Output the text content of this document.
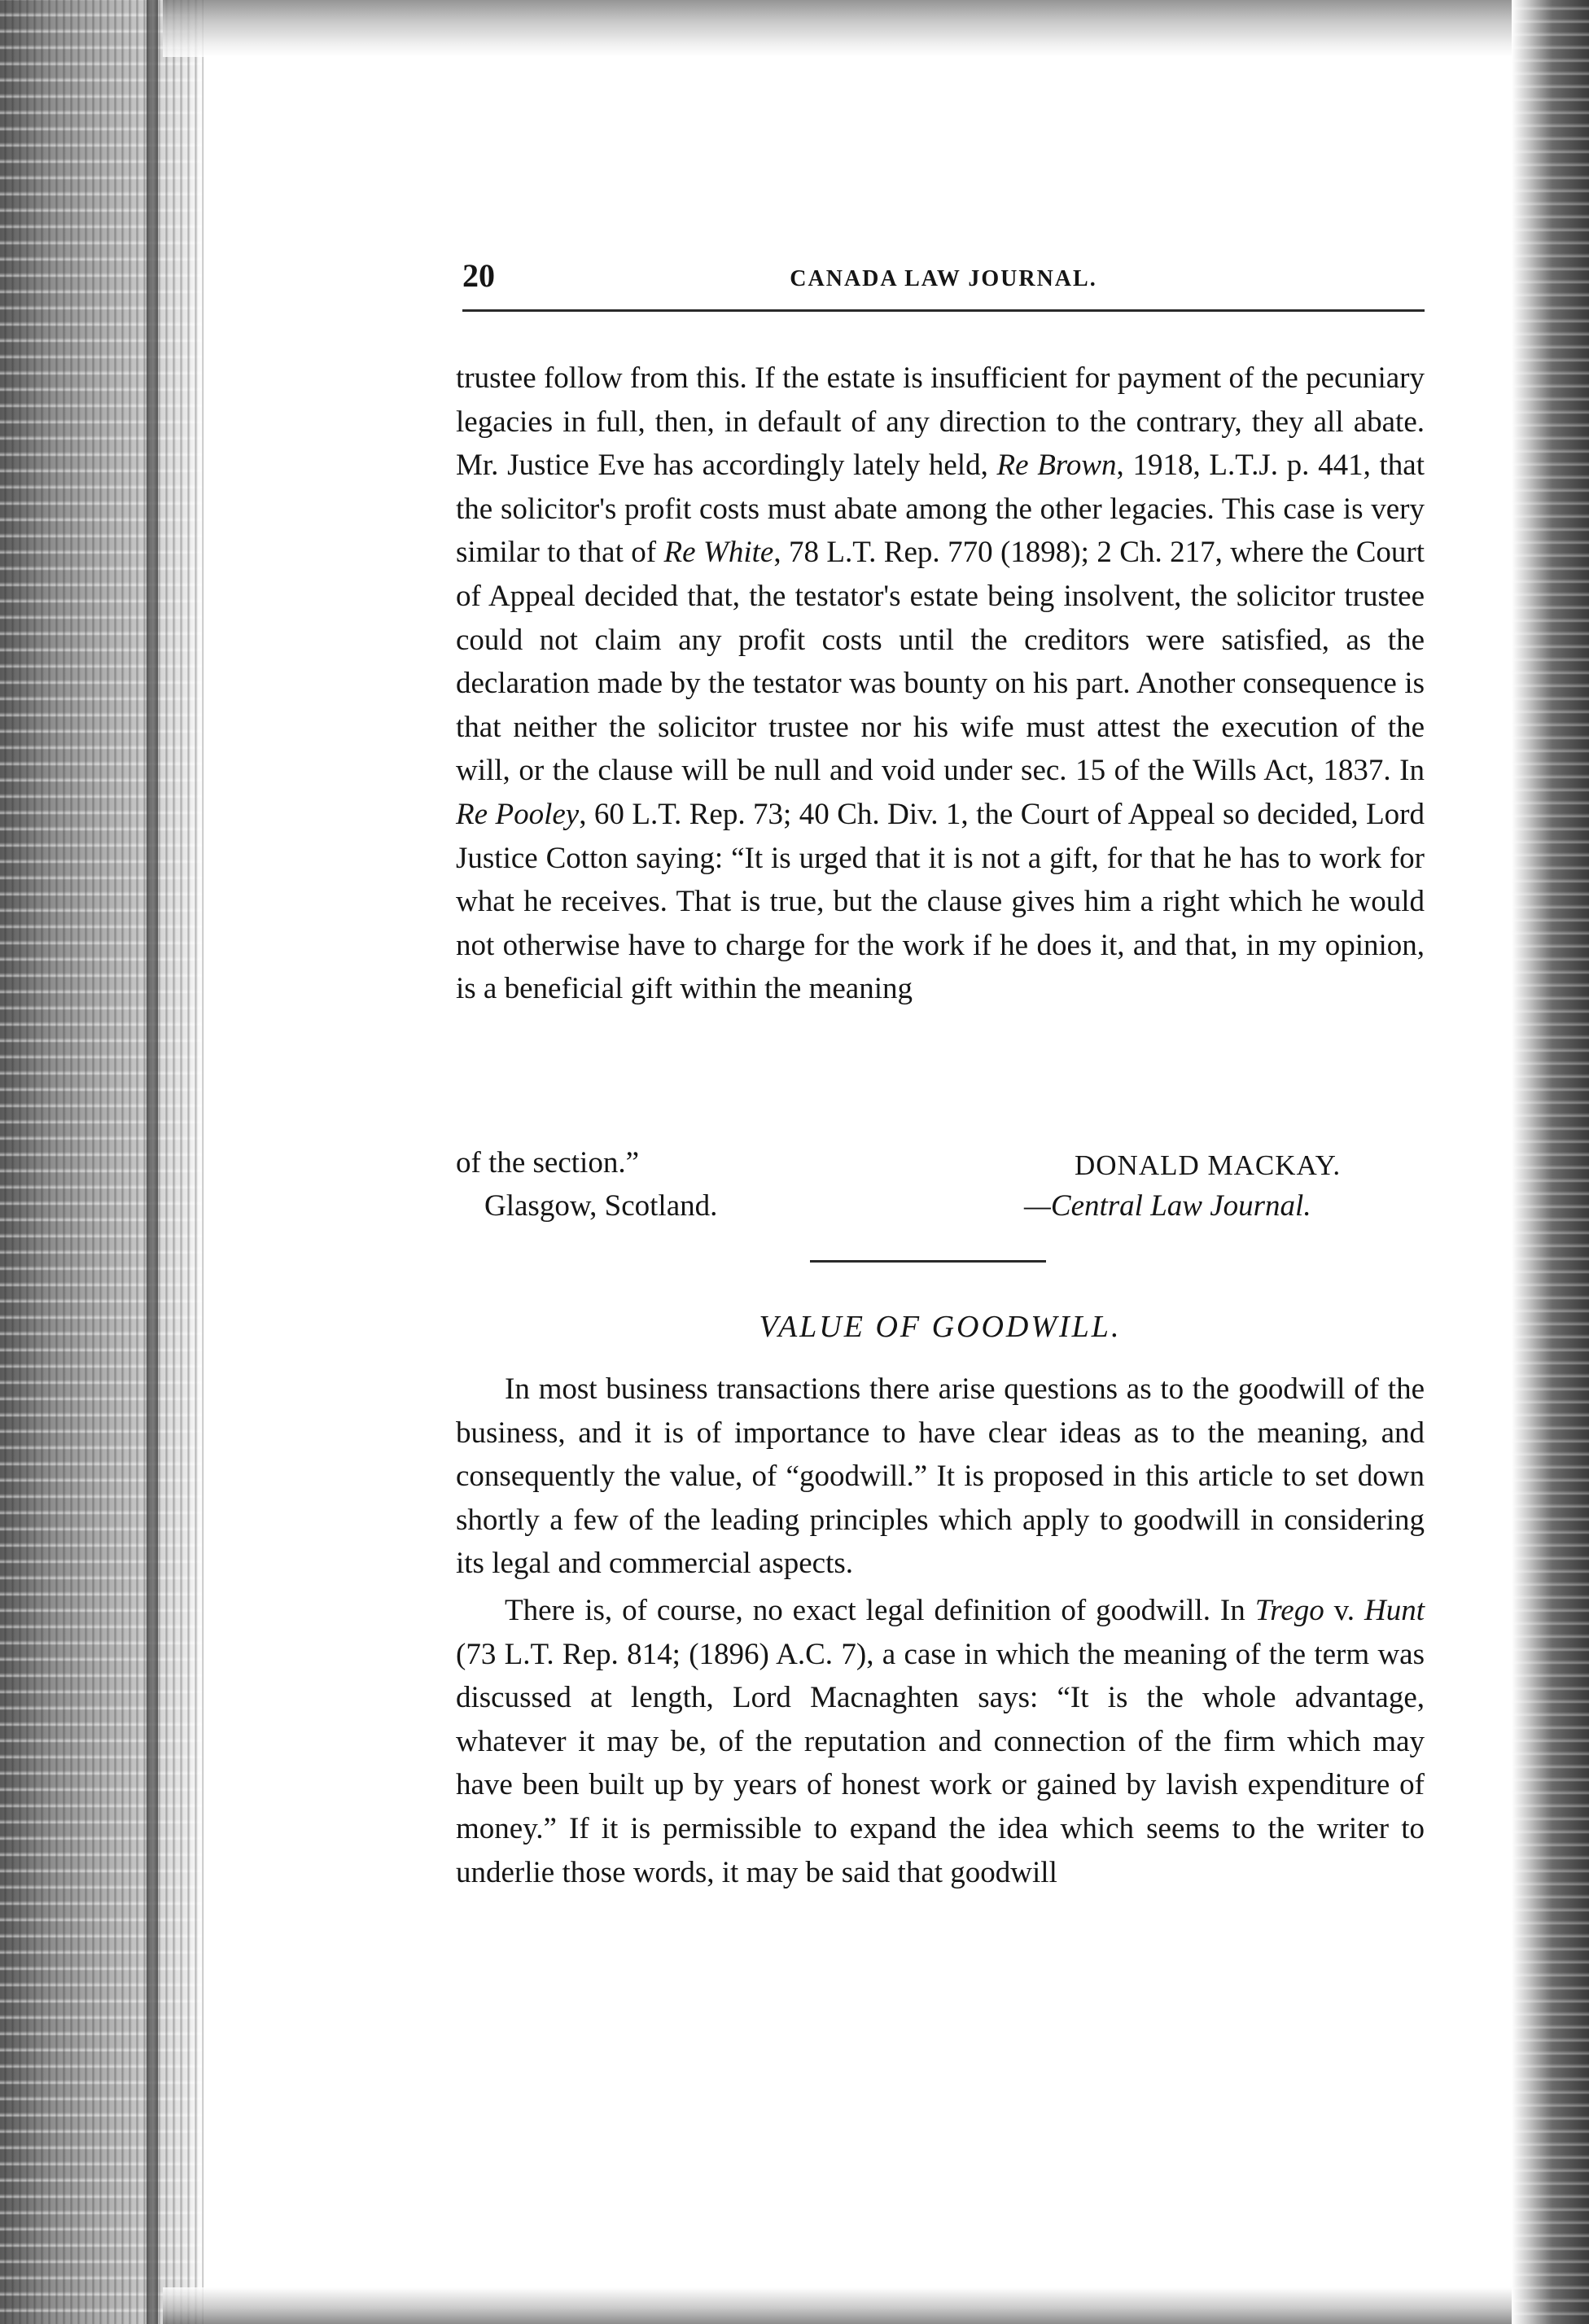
20	CANADA LAW JOURNAL.

trustee follow from this. If the estate is insufficient for payment of the pecuniary legacies in full, then, in default of any direction to the contrary, they all abate. Mr. Justice Eve has accordingly lately held, Re Brown, 1918, L.T.J. p. 441, that the solicitor's profit costs must abate among the other legacies. This case is very similar to that of Re White, 78 L.T. Rep. 770 (1898); 2 Ch. 217, where the Court of Appeal decided that, the testator's estate being insolvent, the solicitor trustee could not claim any profit costs until the creditors were satisfied, as the declaration made by the testator was bounty on his part. Another consequence is that neither the solicitor trustee nor his wife must attest the execution of the will, or the clause will be null and void under sec. 15 of the Wills Act, 1837. In Re Pooley, 60 L.T. Rep. 73; 40 Ch. Div. 1, the Court of Appeal so decided, Lord Justice Cotton saying: “It is urged that it is not a gift, for that he has to work for what he receives. That is true, but the clause gives him a right which he would not otherwise have to charge for the work if he does it, and that, in my opinion, is a beneficial gift within the meaning

of the section.”	DONALD MACKAY.
Glasgow, Scotland.	—Central Law Journal.
VALUE OF GOODWILL.

In most business transactions there arise questions as to the goodwill of the business, and it is of importance to have clear ideas as to the meaning, and consequently the value, of “goodwill.” It is proposed in this article to set down shortly a few of the leading principles which apply to goodwill in considering its legal and commercial aspects.

There is, of course, no exact legal definition of goodwill. In Trego v. Hunt (73 L.T. Rep. 814; (1896) A.C. 7), a case in which the meaning of the term was discussed at length, Lord Macnaghten says: “It is the whole advantage, whatever it may be, of the reputation and connection of the firm which may have been built up by years of honest work or gained by lavish expenditure of money.” If it is permissible to expand the idea which seems to the writer to underlie those words, it may be said that goodwill
